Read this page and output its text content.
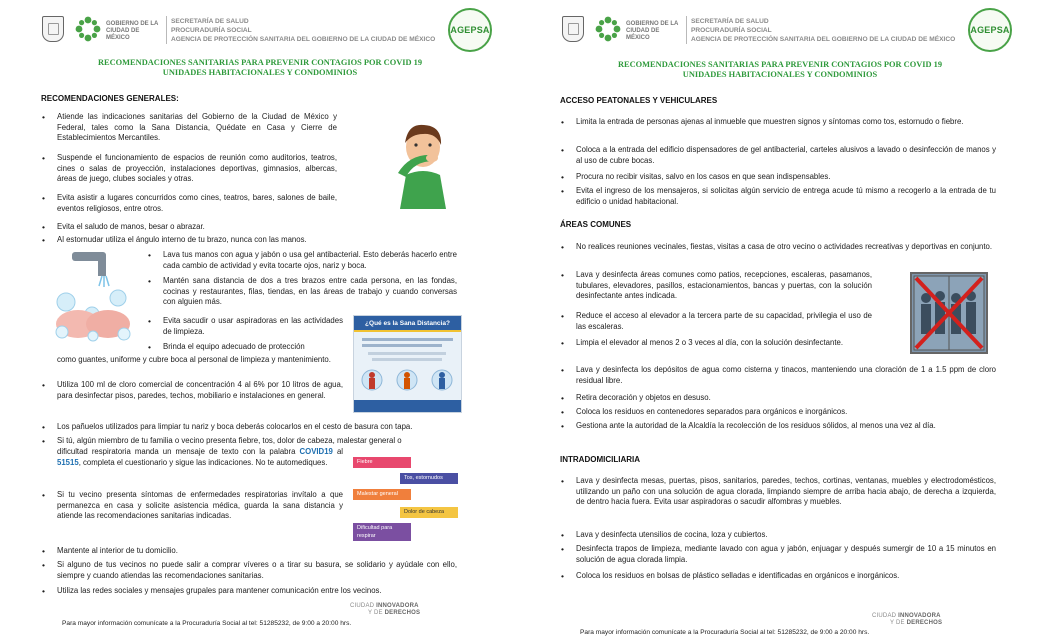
GOBIERNO DE LA
CIUDAD DE MÉXICO
SECRETARÍA DE SALUD
PROCURADURÍA SOCIAL
AGENCIA DE PROTECCIÓN SANITARIA DEL GOBIERNO DE LA CIUDAD DE MÉXICO
AGEPSA
RECOMENDACIONES SANITARIAS PARA PREVENIR CONTAGIOS POR COVID 19
UNIDADES HABITACIONALES Y CONDOMINIOS
RECOMENDACIONES GENERALES:
• Atiende las indicaciones sanitarias del Gobierno de la Ciudad de México y Federal, tales como la Sana Distancia, Quédate en Casa y Cierre de Establecimientos Mercantiles.
• Suspende el funcionamiento de espacios de reunión como auditorios, teatros, cines o salas de proyección, instalaciones deportivas, gimnasios, albercas, áreas de juego, clubes sociales y otras.
• Evita asistir a lugares concurridos como cines, teatros, bares, salones de baile, eventos religiosos, entre otros.
• Evita el saludo de manos, besar o abrazar.
• Al estornudar utiliza el ángulo interno de tu brazo, nunca con las manos.
• Lava tus manos con agua y jabón o usa gel antibacterial. Esto deberás hacerlo entre cada cambio de actividad y evita tocarte ojos, nariz y boca.
• Mantén sana distancia de dos a tres brazos entre cada persona, en las fondas, cocinas y restaurantes, filas, tiendas, en las áreas de trabajo y cuando conversas con alguien más.
• Evita sacudir o usar aspiradoras en las actividades de limpieza.
• Brinda el equipo adecuado de protección
como guantes, uniforme y cubre boca al personal de limpieza y mantenimiento.
• Utiliza 100 ml de cloro comercial de concentración 4 al 6% por 10 litros de agua, para desinfectar pisos, paredes, techos, mobiliario e instalaciones en general.
• Los pañuelos utilizados para limpiar tu nariz y boca deberás colocarlos en el cesto de basura con tapa.
• Si tú, algún miembro de tu familia o vecino presenta fiebre, tos, dolor de cabeza, malestar general o
dificultad respiratoria manda un mensaje de texto con la palabra COVID19 al 51515, completa el cuestionario y sigue las indicaciones. No te automediques.
• Si tu vecino presenta síntomas de enfermedades respiratorias invítalo a que permanezca en casa y solicite asistencia médica, guarda la sana distancia y atiende las recomendaciones sanitarias indicadas.
• Mantente al interior de tu domicilio.
• Si alguno de tus vecinos no puede salir a comprar víveres o a tirar su basura, se solidario y ayúdale con ello, siempre y cuando atiendas las recomendaciones sanitarias.
• Utiliza las redes sociales y mensajes grupales para mantener comunicación entre los vecinos.
¿Qué es la Sana Distancia?
Fiebre
Tos, estornudos
Malestar general
Dolor de cabeza
Dificultad para respirar
CIUDAD INNOVADORA
Y DE DERECHOS
Para mayor información comunícate a la Procuraduría Social al tel: 51285232, de 9:00 a 20:00 hrs.
GOBIERNO DE LA
CIUDAD DE MÉXICO
SECRETARÍA DE SALUD
PROCURADURÍA SOCIAL
AGENCIA DE PROTECCIÓN SANITARIA DEL GOBIERNO DE LA CIUDAD DE MÉXICO
AGEPSA
RECOMENDACIONES SANITARIAS PARA PREVENIR CONTAGIOS POR COVID 19
UNIDADES HABITACIONALES Y CONDOMINIOS
ACCESO PEATONALES Y VEHICULARES
• Limita la entrada de personas ajenas al inmueble que muestren signos y síntomas como tos, estornudo o fiebre.
• Coloca a la entrada del edificio dispensadores de gel antibacterial, carteles alusivos a lavado o desinfección de manos y al uso de cubre bocas.
• Procura no recibir visitas, salvo en los casos en que sean indispensables.
• Evita el ingreso de los mensajeros, si solicitas algún servicio de entrega acude tú mismo a recogerlo a la entrada de tu edificio o unidad habitacional.
ÁREAS COMUNES
• No realices reuniones vecinales, fiestas, visitas a casa de otro vecino o actividades recreativas y deportivas en conjunto.
• Lava y desinfecta áreas comunes como patios, recepciones, escaleras, pasamanos, tubulares, elevadores, pasillos, estacionamientos, bancas y puertas, con la solución desinfectante antes indicada.
• Reduce el acceso al elevador a la tercera parte de su capacidad, privilegia el uso de las escaleras.
• Limpia el elevador al menos 2 o 3 veces al día, con la solución desinfectante.
• Lava y desinfecta los depósitos de agua como cisterna y tinacos, manteniendo una cloración de 1 a 1.5 ppm de cloro residual libre.
• Retira decoración y objetos en desuso.
• Coloca los residuos en contenedores separados para orgánicos e inorgánicos.
• Gestiona ante la autoridad de la Alcaldía la recolección de los residuos sólidos, al menos una vez al día.
INTRADOMICILIARIA
• Lava y desinfecta mesas, puertas, pisos, sanitarios, paredes, techos, cortinas, ventanas, muebles y electrodomésticos, utilizando un paño con una solución de agua clorada, limpiando siempre de arriba hacia abajo, de derecha a izquierda, de dentro hacia fuera. Evita usar aspiradoras o sacudir alfombras y muebles.
• Lava y desinfecta utensilios de cocina, loza y cubiertos.
• Desinfecta trapos de limpieza, mediante lavado con agua y jabón, enjuagar y después sumergir de 10 a 15 minutos en solución de agua clorada limpia.
• Coloca los residuos en bolsas de plástico selladas e identificadas en orgánicos e inorgánicos.
CIUDAD INNOVADORA
Y DE DERECHOS
Para mayor información comunícate a la Procuraduría Social al tel: 51285232, de 9:00 a 20:00 hrs.
